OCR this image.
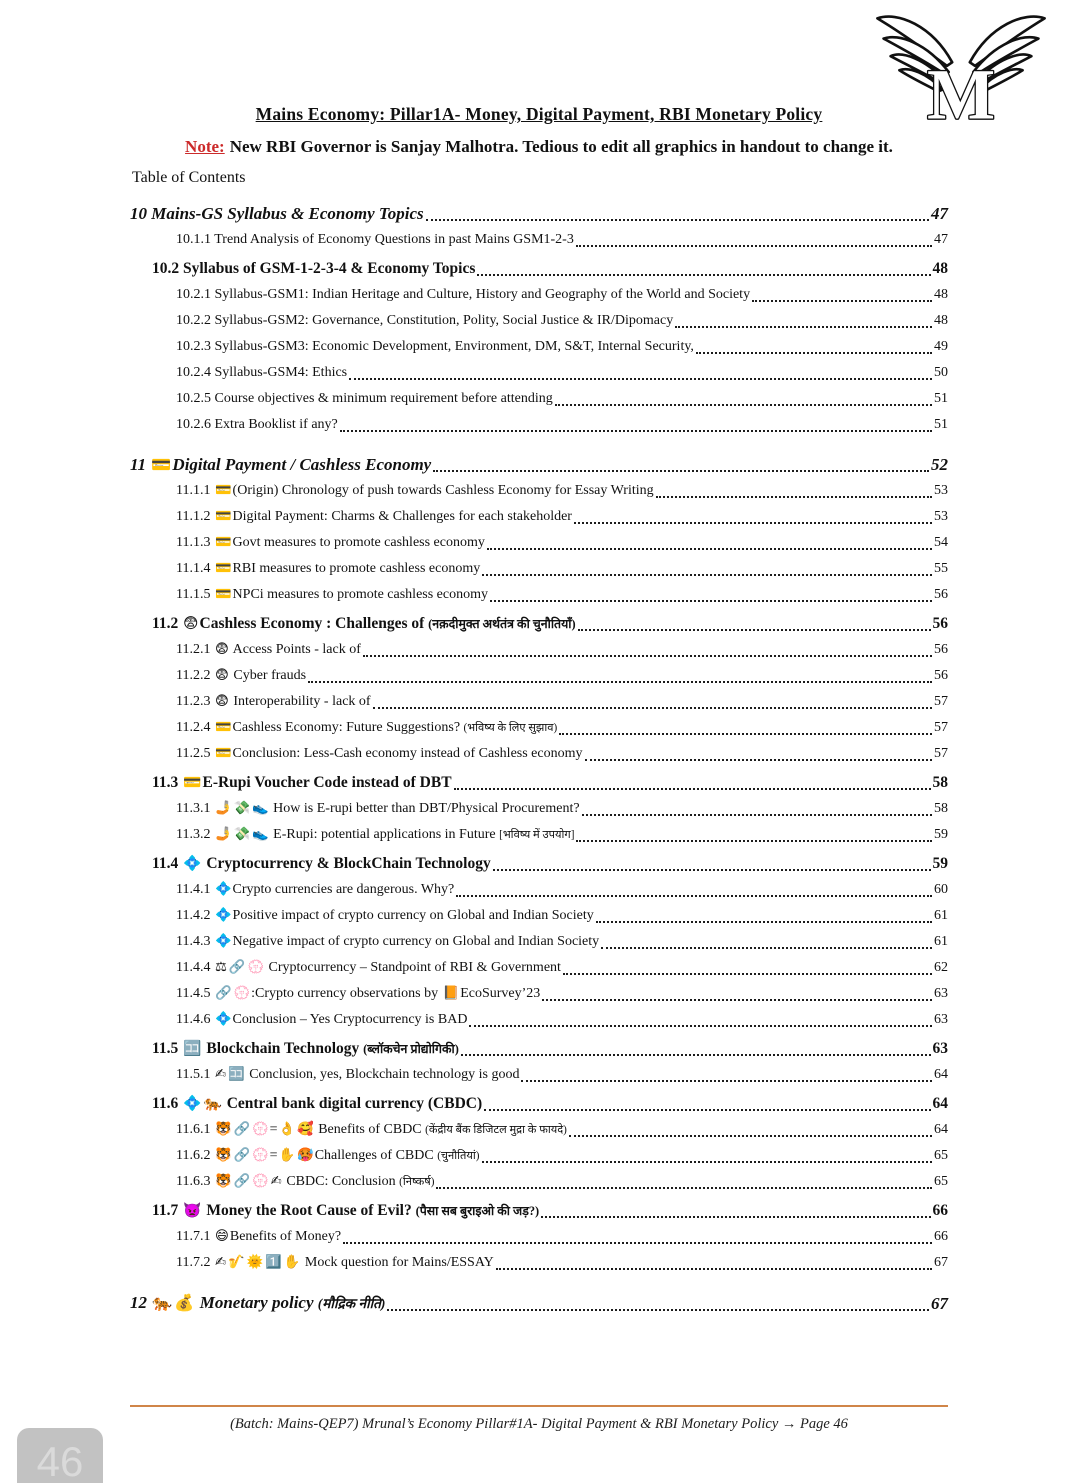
M
Mains Economy: Pillar1A- Money, Digital Payment, RBI Monetary Policy

Note: New RBI Governor is Sanjay Malhotra. Tedious to edit all graphics in handout to change it.

Table of Contents

10 Mains-GS Syllabus & Economy Topics	47
10.1.1 Trend Analysis of Economy Questions in past Mains GSM1-2-3	47
10.2 Syllabus of GSM-1-2-3-4 & Economy Topics	48
10.2.1 Syllabus-GSM1: Indian Heritage and Culture, History and Geography of the World and Society	48
10.2.2 Syllabus-GSM2: Governance, Constitution, Polity, Social Justice & IR/Dipomacy	48
10.2.3 Syllabus-GSM3: Economic Development, Environment, DM, S&T, Internal Security,	49
10.2.4 Syllabus-GSM4: Ethics	50
10.2.5 Course objectives & minimum requirement before attending	51
10.2.6 Extra Booklist if any?	51
11 💳Digital Payment / Cashless Economy	52
11.1.1 💳(Origin) Chronology of push towards Cashless Economy for Essay Writing	53
11.1.2 💳Digital Payment: Charms & Challenges for each stakeholder	53
11.1.3 💳Govt measures to promote cashless economy	54
11.1.4 💳RBI measures to promote cashless economy	55
11.1.5 💳NPCi measures to promote cashless economy	56
11.2 😨Cashless Economy : Challenges of (नक़दीमुक्त अर्थतंत्र की चुनौतियाँ)	56
11.2.1 😨 Access Points - lack of	56
11.2.2 😨 Cyber frauds	56
11.2.3 😨 Interoperability - lack of	57
11.2.4 💳Cashless Economy: Future Suggestions? (भविष्य के लिए सुझाव)	57
11.2.5 💳Conclusion: Less-Cash economy instead of Cashless economy	57
11.3 💳E-Rupi Voucher Code instead of DBT	58
11.3.1 🤳 💸 👟 How is E-rupi better than DBT/Physical Procurement?	58
11.3.2 🤳 💸 👟 E-Rupi: potential applications in Future [भविष्य में उपयोग]	59
11.4 💠 Cryptocurrency & BlockChain Technology	59
11.4.1 💠Crypto currencies are dangerous. Why?	60
11.4.2 💠Positive impact of crypto currency on Global and Indian Society	61
11.4.3 💠Negative impact of crypto currency on Global and Indian Society	61
11.4.4 ⚖ 🔗 💮 Cryptocurrency – Standpoint of RBI & Government	62
11.4.5 🔗 💮:Crypto currency observations by 📙EcoSurvey’23	63
11.4.6 💠Conclusion – Yes Cryptocurrency is BAD	63
11.5 🈁 Blockchain Technology (ब्लॉकचेन प्रोद्योगिकी)	63
11.5.1 ✍ 🈁 Conclusion, yes, Blockchain technology is good	64
11.6 💠 🐅 Central bank digital currency (CBDC)	64
11.6.1 🐯 🔗 💮=👌 🥰 Benefits of CBDC (केंद्रीय बैंक डिजिटल मुद्रा के फायदे)	64
11.6.2 🐯 🔗 💮=✋ 🥵Challenges of CBDC (चुनौतियां)	65
11.6.3 🐯 🔗 💮 ✍ CBDC: Conclusion (निष्कर्ष)	65
11.7 👿 Money the Root Cause of Evil? (पैसा सब बुराइओ की जड़?)	66
11.7.1 😄Benefits of Money?	66
11.7.2 ✍ 🎷 🌞 1️⃣ ✋ Mock question for Mains/ESSAY	67
12 🐅 💰 Monetary policy (मौद्रिक नीति)	67

(Batch: Mains-QEP7) Mrunal’s Economy Pillar#1A- Digital Payment & RBI Monetary Policy → Page 46

46
